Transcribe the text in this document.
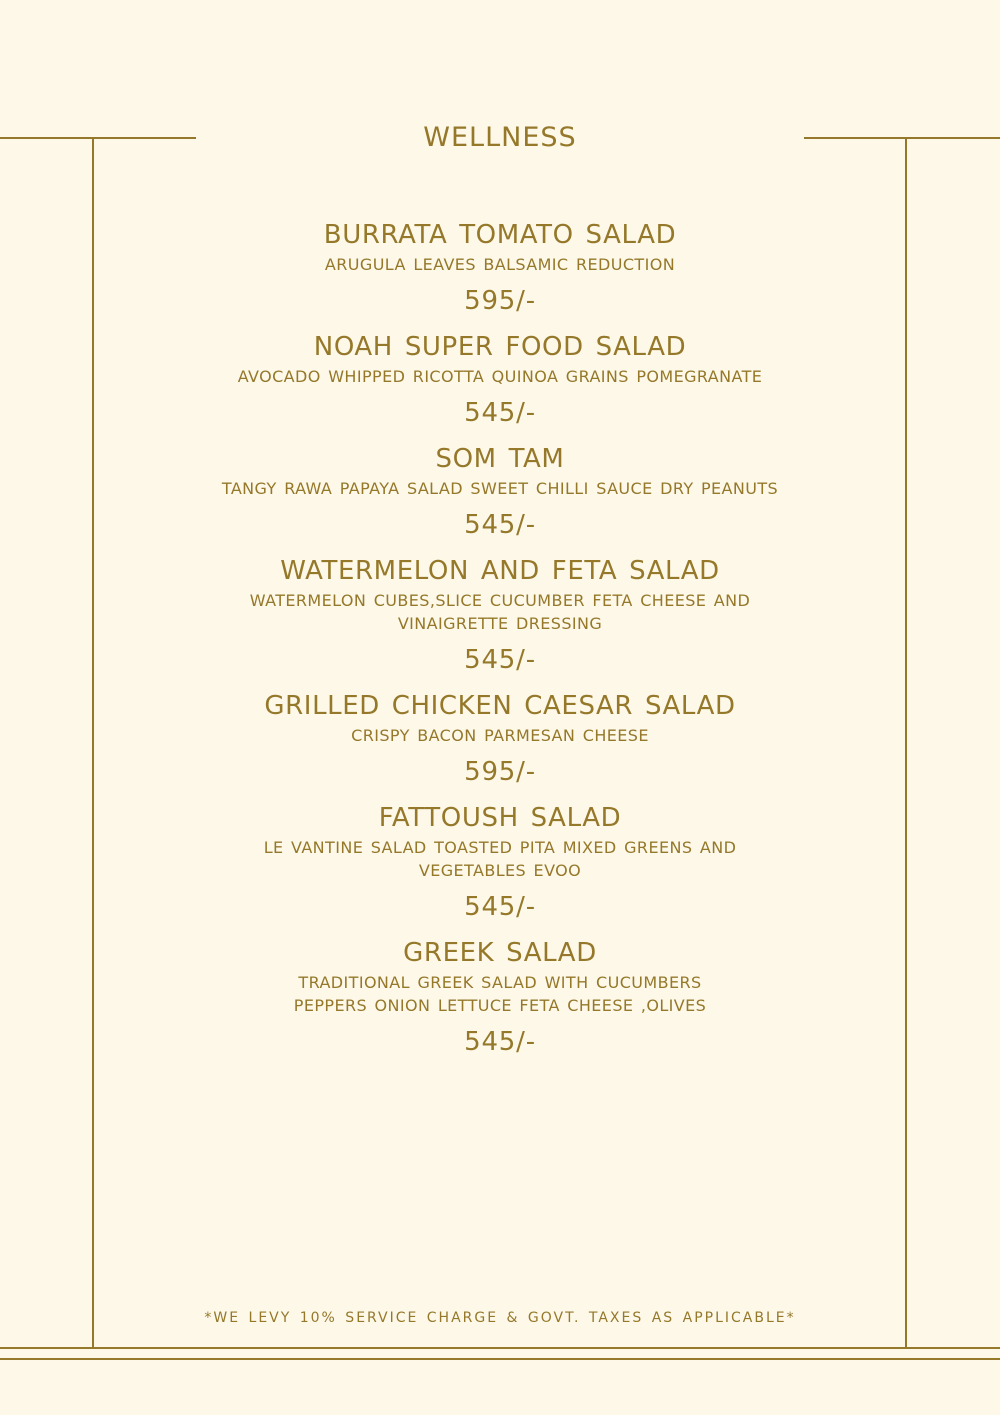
WELLNESS
BURRATA TOMATO SALAD
ARUGULA LEAVES BALSAMIC REDUCTION
595/-
NOAH SUPER FOOD SALAD
AVOCADO WHIPPED RICOTTA QUINOA GRAINS POMEGRANATE
545/-
SOM TAM
TANGY RAWA PAPAYA SALAD SWEET CHILLI SAUCE DRY PEANUTS
545/-
WATERMELON AND FETA SALAD
WATERMELON CUBES,SLICE CUCUMBER FETA CHEESE AND VINAIGRETTE DRESSING
545/-
GRILLED CHICKEN CAESAR SALAD
CRISPY BACON PARMESAN CHEESE
595/-
FATTOUSH SALAD
LE VANTINE SALAD TOASTED PITA MIXED GREENS AND VEGETABLES EVOO
545/-
GREEK SALAD
TRADITIONAL GREEK SALAD WITH CUCUMBERS PEPPERS ONION LETTUCE FETA CHEESE ,OLIVES
545/-
*WE LEVY 10% SERVICE CHARGE & GOVT. TAXES AS APPLICABLE*
